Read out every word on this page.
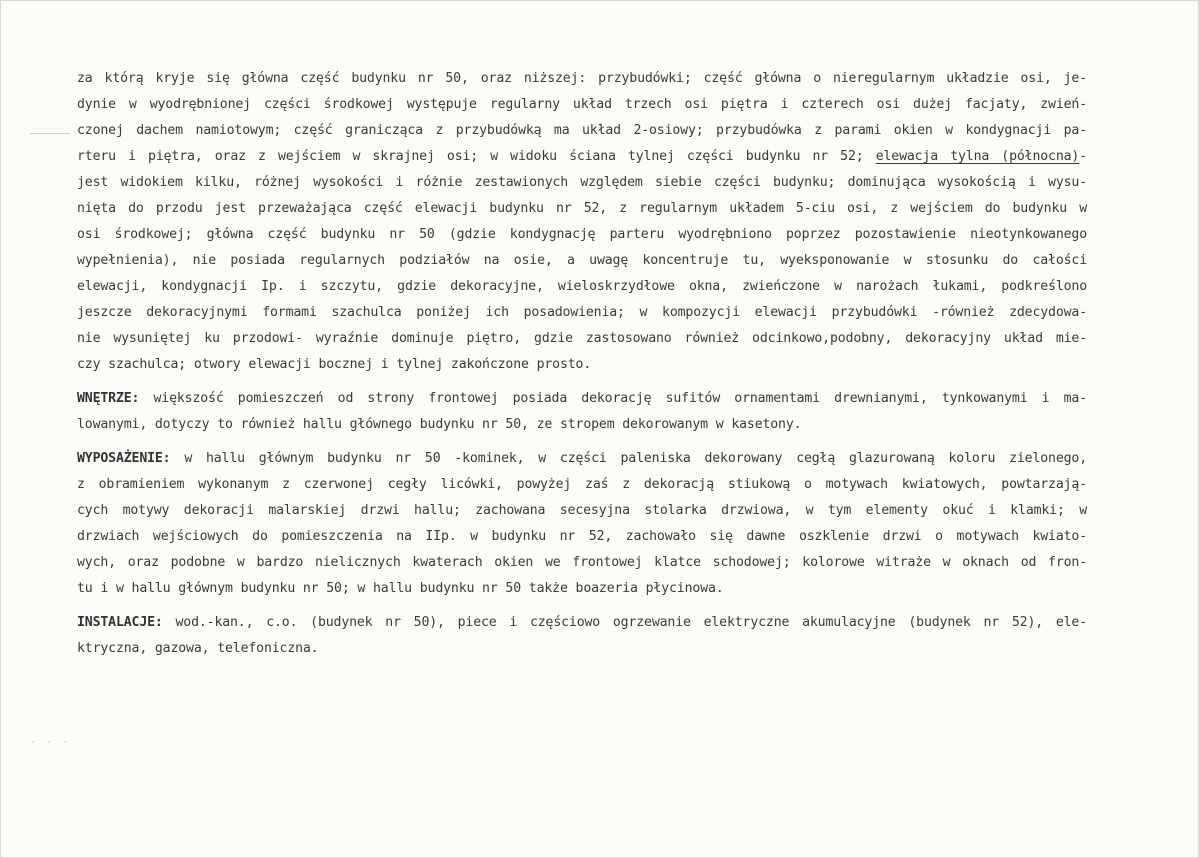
· · ·

za którą kryje się główna część budynku nr 50, oraz niższej: przybudówki; część główna o nieregularnym układzie osi, je-
dynie w wyodrębnionej części środkowej występuje regularny układ trzech osi piętra i czterech osi dużej facjaty, zwień-
czonej dachem namiotowym; część granicząca z przybudówką ma układ 2-osiowy; przybudówka z parami okien w kondygnacji pa-
rteru i piętra, oraz z wejściem w skrajnej osi; w widoku ściana tylnej części budynku nr 52; elewacja tylna (północna)-
jest widokiem kilku, różnej wysokości i różnie zestawionych względem siebie części budynku; dominująca wysokością i wysu-
nięta do przodu jest przeważająca część elewacji budynku nr 52, z regularnym układem 5-ciu osi, z wejściem do budynku w
osi środkowej; główna część budynku nr 50 (gdzie kondygnację parteru wyodrębniono poprzez pozostawienie nieotynkowanego
wypełnienia), nie posiada regularnych podziałów na osie, a uwagę koncentruje tu, wyeksponowanie w stosunku do całości
elewacji, kondygnacji Ip. i szczytu, gdzie dekoracyjne, wieloskrzydłowe okna, zwieńczone w narożach łukami, podkreślono
jeszcze dekoracyjnymi formami szachulca poniżej ich posadowienia; w kompozycji elewacji przybudówki -również zdecydowa-
nie wysuniętej ku przodowi- wyraźnie dominuje piętro, gdzie zastosowano również odcinkowo,podobny, dekoracyjny układ mie-
czy szachulca; otwory elewacji bocznej i tylnej zakończone prosto.

WNĘTRZE: większość pomieszczeń od strony frontowej posiada dekorację sufitów ornamentami drewnianymi, tynkowanymi i ma-
lowanymi, dotyczy to również hallu głównego budynku nr 50, ze stropem dekorowanym w kasetony.

WYPOSAŻENIE: w hallu głównym budynku nr 50 -kominek, w części paleniska dekorowany cegłą glazurowaną koloru zielonego,
z obramieniem wykonanym z czerwonej cegły licówki, powyżej zaś z dekoracją stiukową o motywach kwiatowych, powtarzają-
cych motywy dekoracji malarskiej drzwi hallu; zachowana secesyjna stolarka drzwiowa, w tym elementy okuć i klamki; w
drzwiach wejściowych do pomieszczenia na IIp. w budynku nr 52, zachowało się dawne oszklenie drzwi o motywach kwiato-
wych, oraz podobne w bardzo nielicznych kwaterach okien we frontowej klatce schodowej; kolorowe witraże w oknach od fron-
tu i w hallu głównym budynku nr 50; w hallu budynku nr 50 także boazeria płycinowa.

INSTALACJE: wod.-kan., c.o. (budynek nr 50), piece i częściowo ogrzewanie elektryczne akumulacyjne (budynek nr 52), ele-
ktryczna, gazowa, telefoniczna.
